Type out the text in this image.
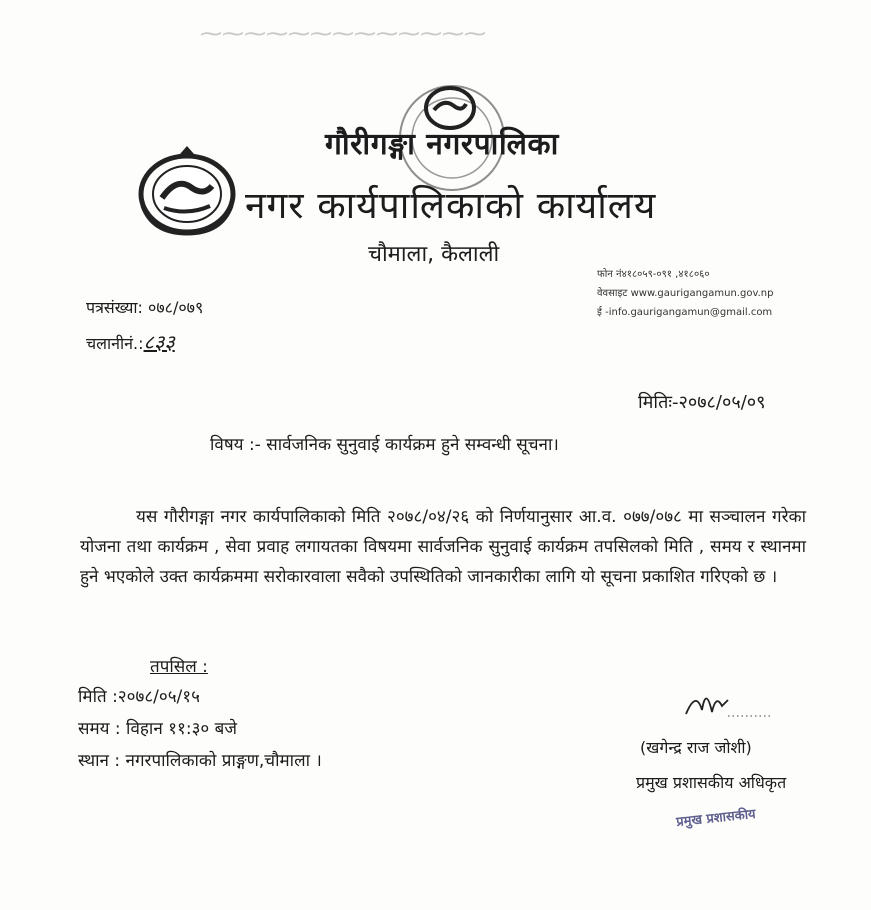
⁓⁓⁓⁓⁓⁓⁓⁓⁓⁓⁓⁓⁓
गौरीगङ्गा नगरपालिका
नगर कार्यपालिकाको कार्यालय
चौमाला, कैलाली
फोन नं४१८०५९-०९१ ,४१८०६०
वेवसाइट www.gaurigangamun.gov.np
ई -info.gaurigangamun@gmail.com
पत्रसंख्या: ०७८/०७९
चलानीनं.:८३३
मितिः-२०७८/०५/०९
विषय :- सार्वजनिक सुनुवाई कार्यक्रम हुने सम्वन्धी सूचना।
यस गौरीगङ्गा नगर कार्यपालिकाको मिति २०७८/०४/२६ को निर्णयानुसार आ.व. ०७७/०७८ मा सञ्चालन गरेका योजना तथा कार्यक्रम , सेवा प्रवाह लगायतका विषयमा सार्वजनिक सुनुवाई कार्यक्रम तपसिलको मिति , समय र स्थानमा हुने भएकोले उक्त कार्यक्रममा सरोकारवाला सवैको उपस्थितिको जानकारीका लागि यो सूचना प्रकाशित गरिएको छ ।
तपसिल :
मिति :२०७८/०५/१५
समय : विहान ११:३० बजे
स्थान : नगरपालिकाको प्राङ्गण,चौमाला ।
(खगेन्द्र राज जोशी)
प्रमुख प्रशासकीय अधिकृत
प्रमुख प्रशासकीय
